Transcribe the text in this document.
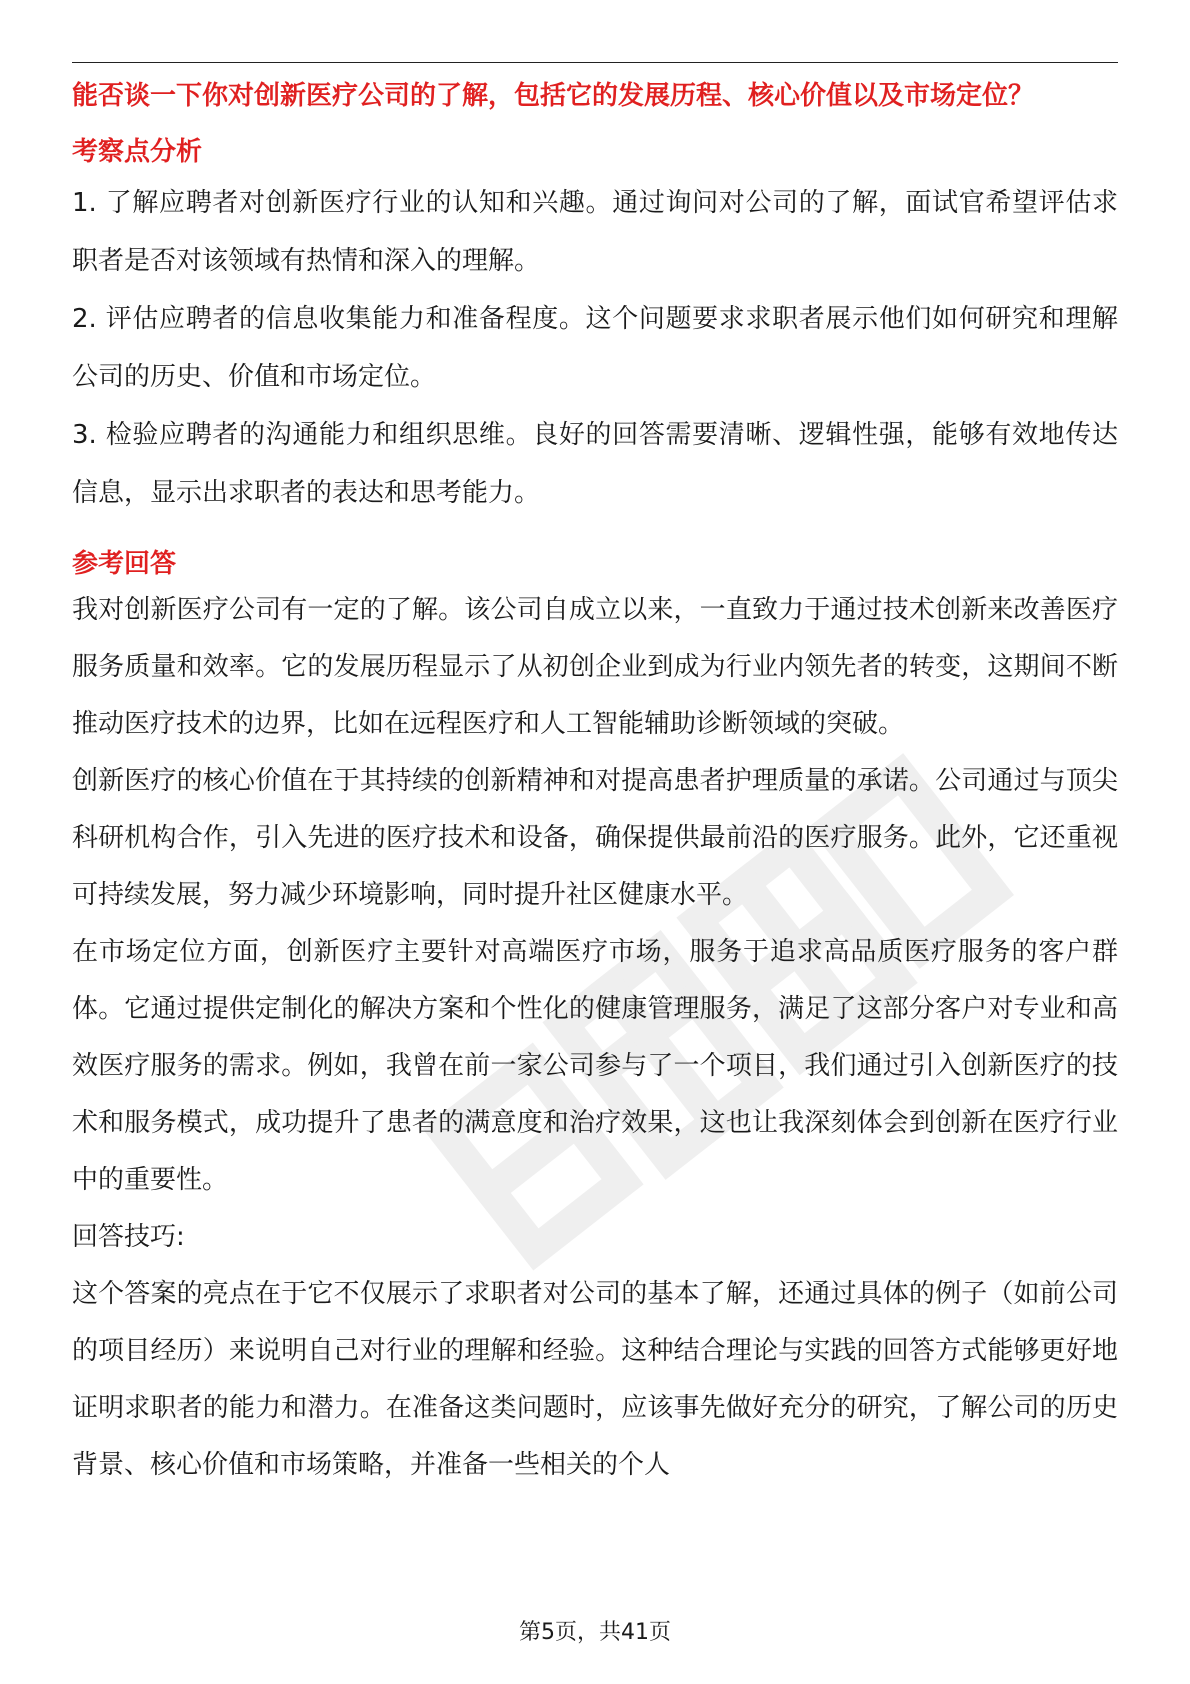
能否谈一下你对创新医疗公司的了解，包括它的发展历程、核心价值以及市场定位？

考察点分析

1. 了解应聘者对创新医疗行业的认知和兴趣。通过询问对公司的了解，面试官希望评估求职者是否对该领域有热情和深入的理解。

2. 评估应聘者的信息收集能力和准备程度。这个问题要求求职者展示他们如何研究和理解公司的历史、价值和市场定位。

3. 检验应聘者的沟通能力和组织思维。良好的回答需要清晰、逻辑性强，能够有效地传达信息，显示出求职者的表达和思考能力。

参考回答

我对创新医疗公司有一定的了解。该公司自成立以来，一直致力于通过技术创新来改善医疗服务质量和效率。它的发展历程显示了从初创企业到成为行业内领先者的转变，这期间不断推动医疗技术的边界，比如在远程医疗和人工智能辅助诊断领域的突破。

创新医疗的核心价值在于其持续的创新精神和对提高患者护理质量的承诺。公司通过与顶尖科研机构合作，引入先进的医疗技术和设备，确保提供最前沿的医疗服务。此外，它还重视可持续发展，努力减少环境影响，同时提升社区健康水平。

在市场定位方面，创新医疗主要针对高端医疗市场，服务于追求高品质医疗服务的客户群体。它通过提供定制化的解决方案和个性化的健康管理服务，满足了这部分客户对专业和高效医疗服务的需求。例如，我曾在前一家公司参与了一个项目，我们通过引入创新医疗的技术和服务模式，成功提升了患者的满意度和治疗效果，这也让我深刻体会到创新在医疗行业中的重要性。

回答技巧:

这个答案的亮点在于它不仅展示了求职者对公司的基本了解，还通过具体的例子（如前公司的项目经历）来说明自己对行业的理解和经验。这种结合理论与实践的回答方式能够更好地证明求职者的能力和潜力。在准备这类问题时，应该事先做好充分的研究，了解公司的历史背景、核心价值和市场策略，并准备一些相关的个人

第5页，共41页
